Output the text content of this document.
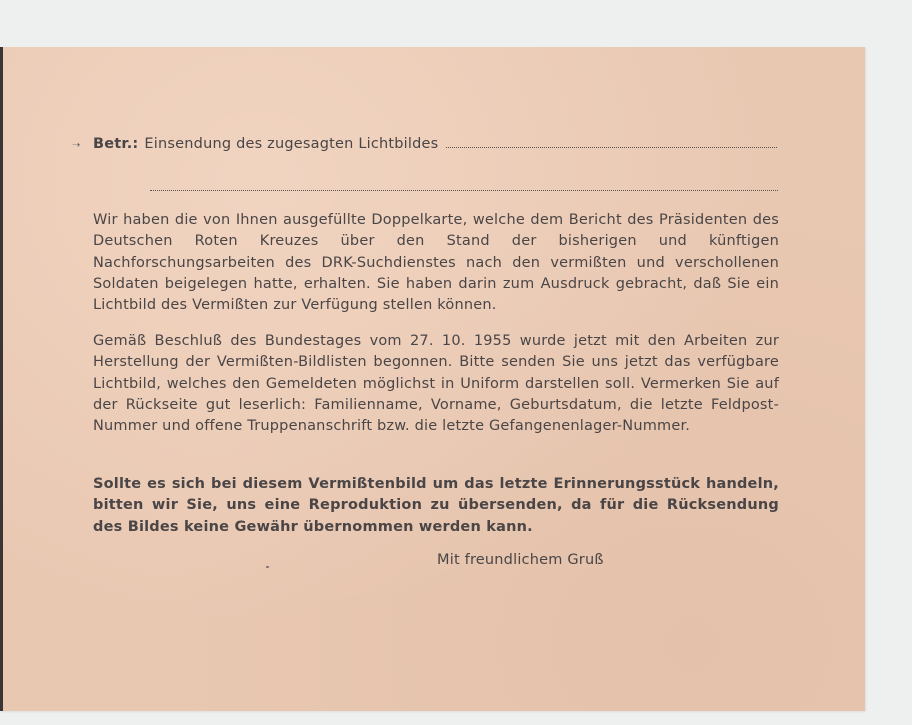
➝ Betr.: Einsendung des zugesagten Lichtbildes

Wir haben die von Ihnen ausgefüllte Doppelkarte, welche dem Bericht des Präsidenten des Deutschen Roten Kreuzes über den Stand der bisherigen und künftigen Nachforschungsarbeiten des DRK-Suchdienstes nach den vermißten und verschollenen Soldaten beigelegen hatte, erhalten. Sie haben darin zum Ausdruck gebracht, daß Sie ein Lichtbild des Vermißten zur Verfügung stellen können.

Gemäß Beschluß des Bundestages vom 27. 10. 1955 wurde jetzt mit den Arbeiten zur Herstellung der Vermißten-Bildlisten begonnen. Bitte senden Sie uns jetzt das verfügbare Lichtbild, welches den Gemeldeten möglichst in Uniform darstellen soll. Vermerken Sie auf der Rückseite gut leserlich: Familienname, Vorname, Geburtsdatum, die letzte Feldpost-Nummer und offene Truppenanschrift bzw. die letzte Gefangenenlager-Nummer.

Sollte es sich bei diesem Vermißtenbild um das letzte Erinnerungsstück handeln, bitten wir Sie, uns eine Reproduktion zu übersenden, da für die Rücksendung des Bildes keine Gewähr übernommen werden kann.

Mit freundlichem Gruß
